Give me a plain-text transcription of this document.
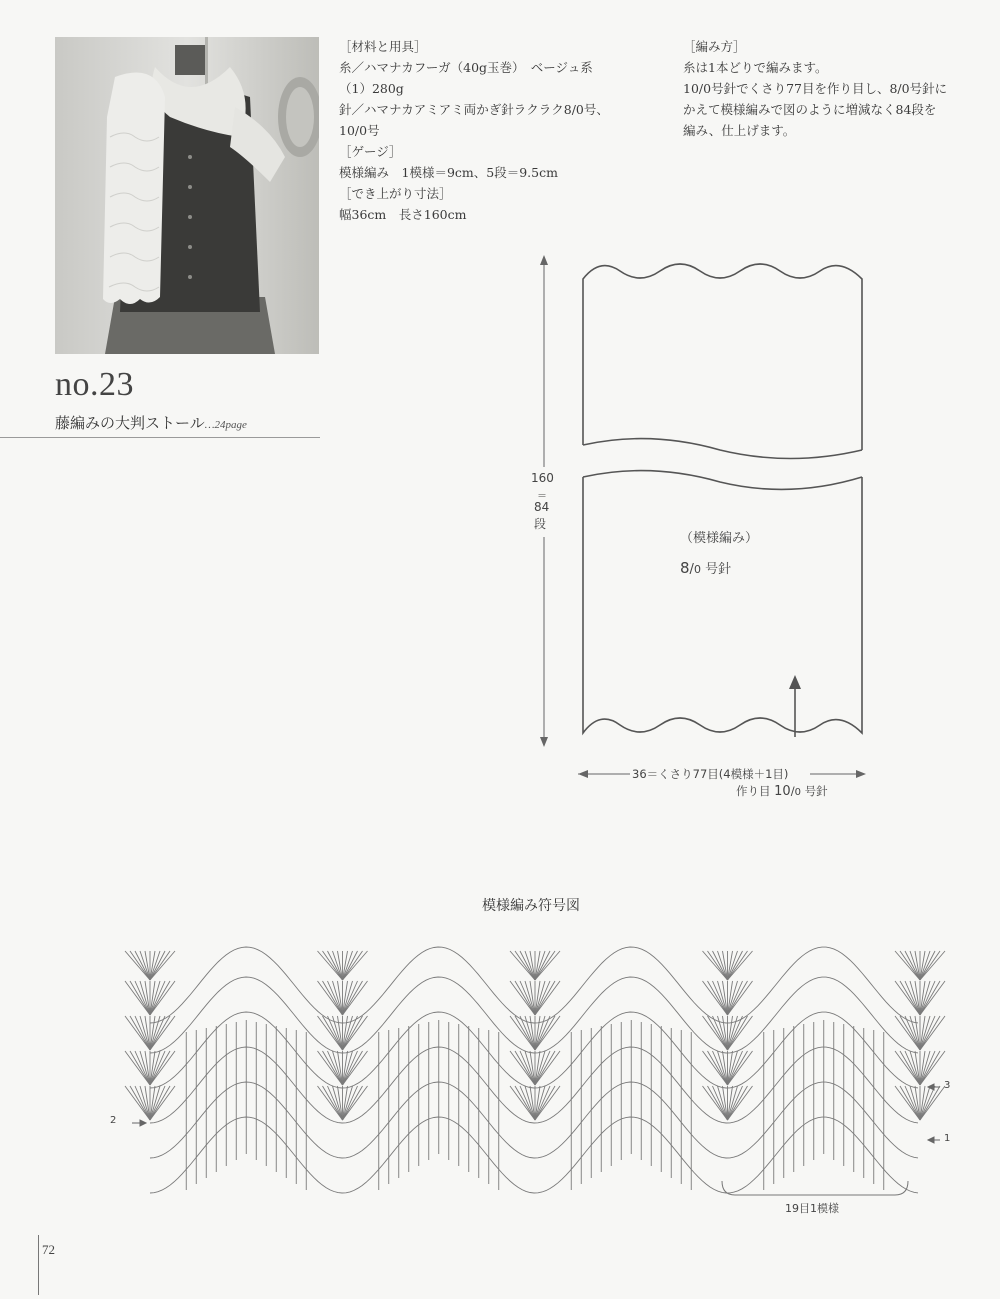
no.23
藤編みの大判ストール…24page

［材料と用具］

糸／ハマナカフーガ（40g玉巻）　ベージュ系

（1）280g

針／ハマナカアミアミ両かぎ針ラクラク8/0号、

10/0号

［ゲージ］

模様編み　1模様＝9cm、5段＝9.5cm

［でき上がり寸法］

幅36cm　長さ160cm

［編み方］

糸は1本どりで編みます。

10/0号針でくさり77目を作り目し、8/0号針に

かえて模様編みで図のように増減なく84段を

編み、仕上げます。

160
＝
84
段
（模様編み）
8/0 号針
36＝くさり77目(4模様＋1目)
作り目 10/0 号針
模様編み符号図
2
1
3
19目1模様
72
